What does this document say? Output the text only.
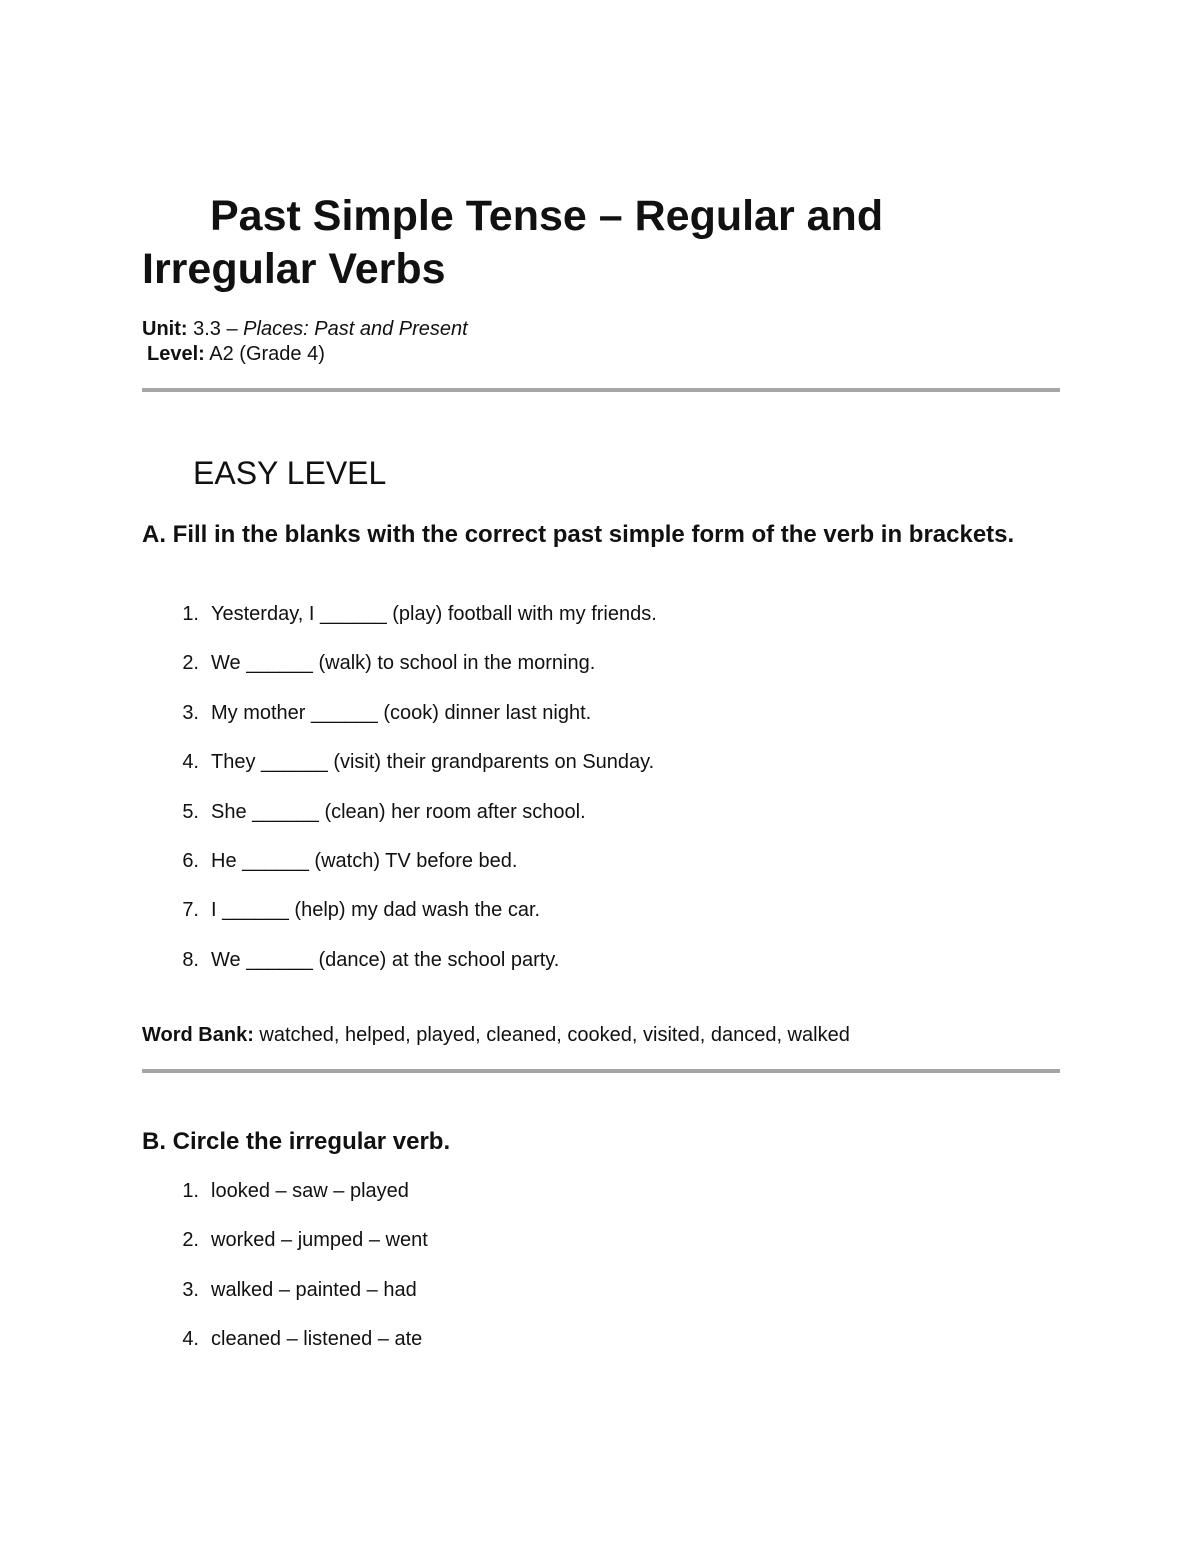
Past Simple Tense – Regular and Irregular Verbs

Unit: 3.3 – Places: Past and Present

Level: A2 (Grade 4)

EASY LEVEL
A. Fill in the blanks with the correct past simple form of the verb in brackets.
1. Yesterday, I ______ (play) football with my friends.
2. We ______ (walk) to school in the morning.
3. My mother ______ (cook) dinner last night.
4. They ______ (visit) their grandparents on Sunday.
5. She ______ (clean) her room after school.
6. He ______ (watch) TV before bed.
7. I ______ (help) my dad wash the car.
8. We ______ (dance) at the school party.

Word Bank: watched, helped, played, cleaned, cooked, visited, danced, walked

B. Circle the irregular verb.
1. looked – saw – played
2. worked – jumped – went
3. walked – painted – had
4. cleaned – listened – ate
